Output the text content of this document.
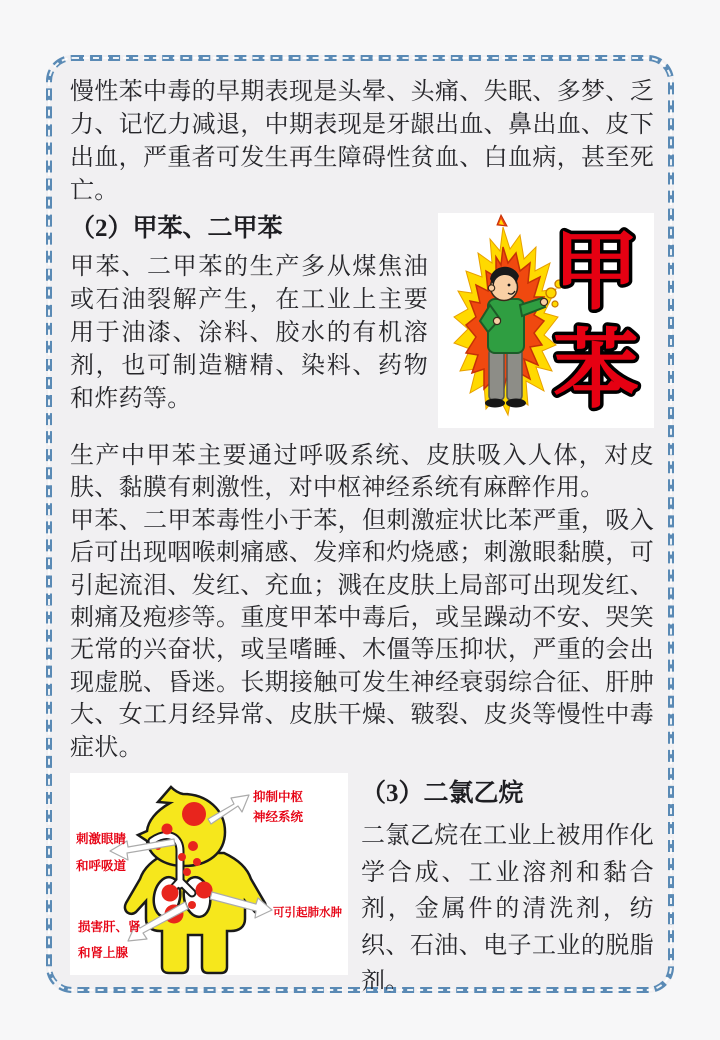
慢性苯中毒的早期表现是头晕、头痛、失眠、多梦、乏力、记忆力减退，中期表现是牙龈出血、鼻出血、皮下出血，严重者可发生再生障碍性贫血、白血病，甚至死亡。

甲
苯

（2）甲苯、二甲苯

甲苯、二甲苯的生产多从煤焦油或石油裂解产生，在工业上主要用于油漆、涂料、胶水的有机溶剂，也可制造糖精、染料、药物和炸药等。

生产中甲苯主要通过呼吸系统、皮肤吸入人体，对皮肤、黏膜有刺激性，对中枢神经系统有麻醉作用。

甲苯、二甲苯毒性小于苯，但刺激症状比苯严重，吸入后可出现咽喉刺痛感、发痒和灼烧感；刺激眼黏膜，可引起流泪、发红、充血；溅在皮肤上局部可出现发红、刺痛及疱疹等。重度甲苯中毒后，或呈躁动不安、哭笑无常的兴奋状，或呈嗜睡、木僵等压抑状，严重的会出现虚脱、昏迷。长期接触可发生神经衰弱综合征、肝肿大、女工月经异常、皮肤干燥、皲裂、皮炎等慢性中毒症状。

抑制中枢
神经系统
刺激眼睛
和呼吸道
可引起肺水肿
损害肝、肾
和肾上腺

（3）二氯乙烷

二氯乙烷在工业上被用作化学合成、工业溶剂和黏合剂，金属件的清洗剂，纺织、石油、电子工业的脱脂剂。
